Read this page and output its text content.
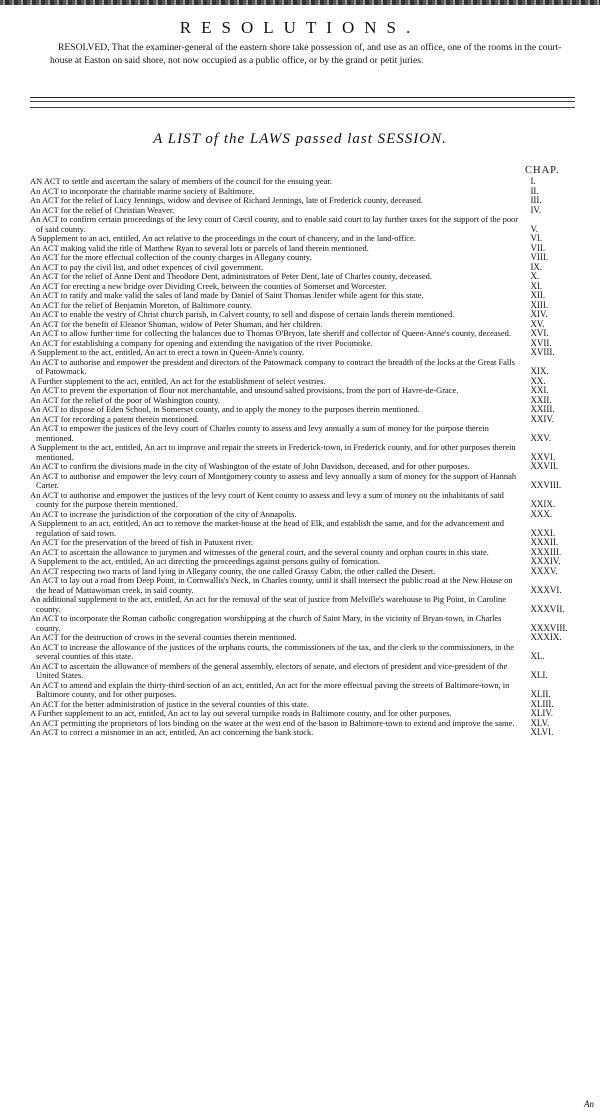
RESOLUTIONS.
RESOLVED, That the examiner-general of the eastern shore take possession of, and use as an office, one of the rooms in the court-house at Easton on said shore, not now occupied as a public office, or by the grand or petit juries.
A LIST of the LAWS passed last SESSION.
CHAP.
AN ACT to settle and ascertain the salary of members of the council for the ensuing year.	I.
An ACT to incorporate the charitable marine society of Baltimore.	II.
An ACT for the relief of Lucy Jennings, widow and devisee of Richard Jennings, late of Frederick county, deceased.	III.
An ACT for the relief of Christian Weaver.	IV.
An ACT to confirm certain proceedings of the levy court of Cæcil county, and to enable said court to lay further taxes for the support of the poor of said county.	V.
A Supplement to an act, entitled, An act relative to the proceedings in the court of chancery, and in the land-office.	VI.
An ACT making valid the title of Matthew Ryan to several lots or parcels of land therein mentioned.	VII.
An ACT for the more effectual collection of the county charges in Allegany county.	VIII.
An ACT to pay the civil list, and other expences of civil government.	IX.
An ACT for the relief of Anne Dent and Theodore Dent, administrators of Peter Dent, late of Charles county, deceased.	X.
An ACT for erecting a new bridge over Dividing Creek, between the counties of Somerset and Worcester.	XI.
An ACT to ratify and make valid the sales of land made by Daniel of Saint Thomas Jenifer while agent for this state.	XII.
An ACT for the relief of Benjamin Moreton, of Baltimore county.	XIII.
An ACT to enable the vestry of Christ church parish, in Calvert county, to sell and dispose of certain lands therein mentioned.	XIV.
An ACT for the benefit of Eleanor Shuman, widow of Peter Shuman, and her children.	XV.
An ACT to allow further time for collecting the balances due to Thomas O'Bryon, late sheriff and collector of Queen-Anne's county, deceased.	XVI.
An ACT for establishing a company for opening and extending the navigation of the river Pocomoke.	XVII.
A Supplement to the act, entitled, An act to erect a town in Queen-Anne's county.	XVIII.
An ACT to authorise and empower the president and directors of the Patowmack company to contract the breadth of the locks at the Great Falls of Patowmack.	XIX.
A Further supplement to the act, entitled, An act for the establishment of select vestries.	XX.
An ACT to prevent the exportation of flour not merchantable, and unsound salted provisions, from the port of Havre-de-Grace.	XXI.
An ACT for the relief of the poor of Washington county.	XXII.
An ACT to dispose of Eden School, in Somerset county, and to apply the money to the purposes therein mentioned.	XXIII.
An ACT for recording a patent therein mentioned.	XXIV.
An ACT to empower the justices of the levy court of Charles county to assess and levy annually a sum of money for the purpose therein mentioned.	XXV.
A Supplement to the act, entitled, An act to improve and repair the streets in Frederick-town, in Frederick county, and for other purposes therein mentioned.	XXVI.
An ACT to confirm the divisions made in the city of Washington of the estate of John Davidson, deceased, and for other purposes.	XXVII.
An ACT to authorise and empower the levy court of Montgomery county to assess and levy annually a sum of money for the support of Hannah Carter.	XXVIII.
An ACT to authorise and empower the justices of the levy court of Kent county to assess and levy a sum of money on the inhabitants of said county for the purpose therein mentioned.	XXIX.
An ACT to increase the jurisdiction of the corporation of the city of Annapolis.	XXX.
A Supplement to an act, entitled, An act to remove the market-house at the head of Elk, and establish the same, and for the advancement and regulation of said town.	XXXI.
An ACT for the preservation of the breed of fish in Patuxent river.	XXXII.
An ACT to ascertain the allowance to jurymen and witnesses of the general court, and the several county and orphan courts in this state.	XXXIII.
A Supplement to the act, entitled, An act directing the proceedings against persons guilty of fornication.	XXXIV.
An ACT respecting two tracts of land lying in Allegany county, the one called Grassy Cabin, the other called the Desert.	XXXV.
An ACT to lay out a road from Deep Point, in Cornwallis's Neck, in Charles county, until it shall intersect the public road at the New House on the head of Mattawoman creek, in said county.	XXXVI.
An additional supplement to the act, entitled, An act for the removal of the seat of justice from Melville's warehouse to Pig Point, in Caroline county.	XXXVII.
An ACT to incorporate the Roman catholic congregation worshipping at the church of Saint Mary, in the vicinity of Bryan-town, in Charles county.	XXXVIII.
An ACT for the destruction of crows in the several counties therein mentioned.	XXXIX.
An ACT to increase the allowance of the justices of the orphans courts, the commissioners of the tax, and the clerk to the commissioners, in the several counties of this state.	XL.
An ACT to ascertain the allowance of members of the general assembly, electors of senate, and electors of president and vice-president of the United States.	XLI.
An ACT to amend and explain the thirty-third section of an act, entitled, An act for the more effectual paving the streets of Baltimore-town, in Baltimore county, and for other purposes.	XLII.
An ACT for the better administration of justice in the several counties of this state.	XLIII.
A Further supplement to an act, entitled, An act to lay out several turnpike roads in Baltimore county, and for other purposes.	XLIV.
An ACT permitting the proprietors of lots binding on the water at the west end of the bason in Baltimore-town to extend and improve the same.	XLV.
An ACT to correct a misnomer in an act, entitled, An act concerning the bank stock.	XLVI.
An
